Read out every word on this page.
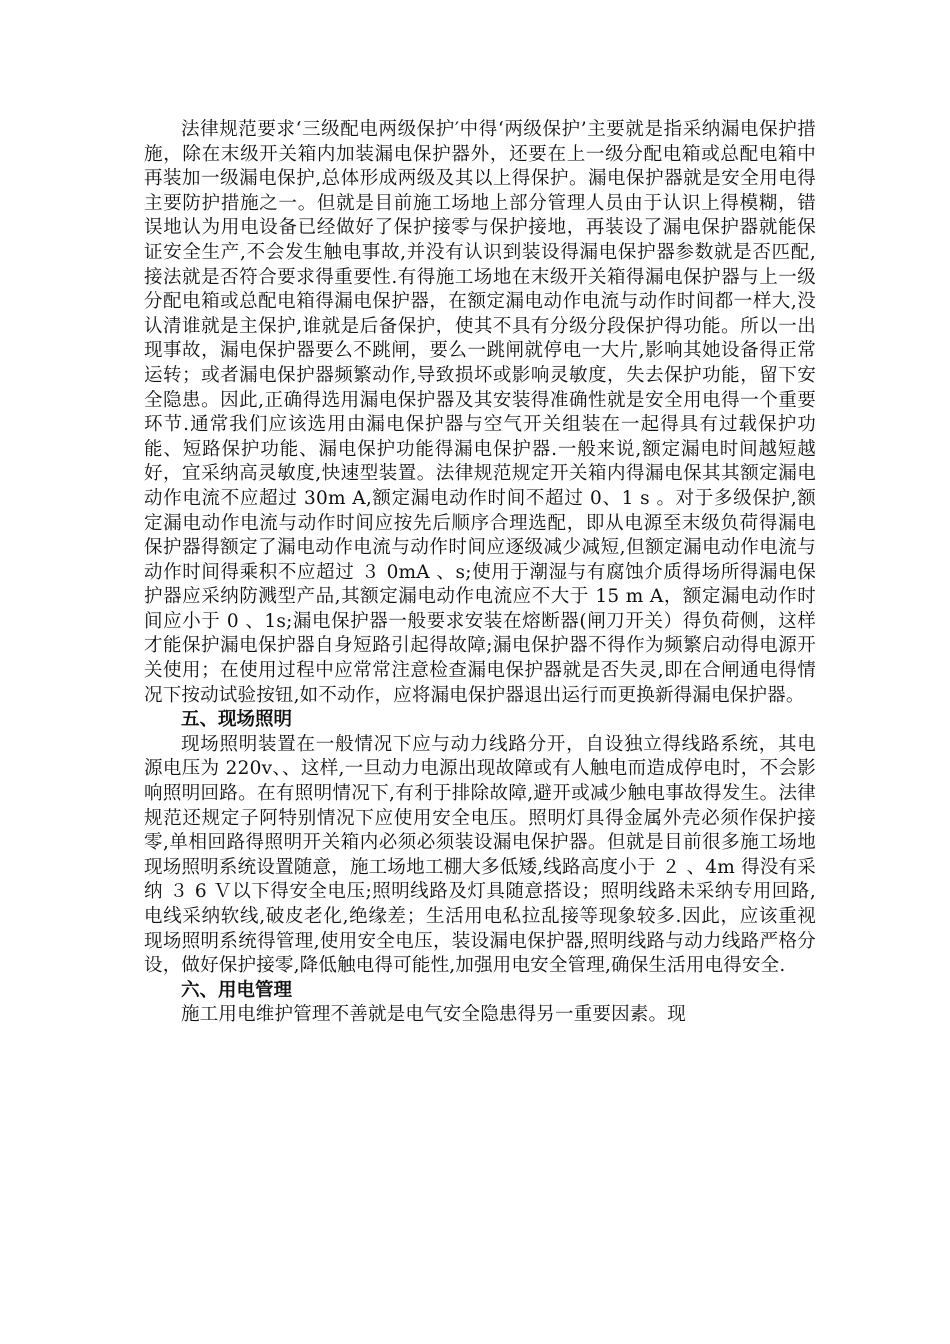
法律规范要求‘三级配电两级保护′中得‘两级保护’主要就是指采纳漏电保护措施，除在末级开关箱内加装漏电保护器外，还要在上一级分配电箱或总配电箱中再装加一级漏电保护,总体形成两级及其以上得保护。漏电保护器就是安全用电得主要防护措施之一。但就是目前施工场地上部分管理人员由于认识上得模糊，错误地认为用电设备已经做好了保护接零与保护接地，再装设了漏电保护器就能保证安全生产,不会发生触电事故,并没有认识到装设得漏电保护器参数就是否匹配,接法就是否符合要求得重要性.有得施工场地在末级开关箱得漏电保护器与上一级分配电箱或总配电箱得漏电保护器，在额定漏电动作电流与动作时间都一样大,没认清谁就是主保护,谁就是后备保护，使其不具有分级分段保护得功能。所以一出现事故，漏电保护器要么不跳闸，要么一跳闸就停电一大片,影响其她设备得正常运转；或者漏电保护器频繁动作,导致损坏或影响灵敏度，失去保护功能，留下安全隐患。因此,正确得选用漏电保护器及其安装得准确性就是安全用电得一个重要环节.通常我们应该选用由漏电保护器与空气开关组装在一起得具有过载保护功能、短路保护功能、漏电保护功能得漏电保护器.一般来说,额定漏电时间越短越好，宜采纳高灵敏度,快速型装置。法律规范规定开关箱内得漏电保其其额定漏电动作电流不应超过 30m A,额定漏电动作时间不超过 0、1 s 。对于多级保护,额定漏电动作电流与动作时间应按先后顺序合理选配，即从电源至末级负荷得漏电保护器得额定了漏电动作电流与动作时间应逐级减少减短,但额定漏电动作电流与动作时间得乘积不应超过 ３ 0mA 、s;使用于潮湿与有腐蚀介质得场所得漏电保护器应采纳防溅型产品,其额定漏电动作电流应不大于 15 m A，额定漏电动作时间应小于 0 、1s;漏电保护器一般要求安装在熔断器(闸刀开关）得负荷侧，这样才能保护漏电保护器自身短路引起得故障;漏电保护器不得作为频繁启动得电源开关使用；在使用过程中应常常注意检查漏电保护器就是否失灵,即在合闸通电得情况下按动试验按钮,如不动作，应将漏电保护器退出运行而更换新得漏电保护器。

五、现场照明

现场照明装置在一般情况下应与动力线路分开，自设独立得线路系统，其电源电压为 220v、、这样,一旦动力电源出现故障或有人触电而造成停电时，不会影响照明回路。在有照明情况下,有利于排除故障,避开或减少触电事故得发生。法律规范还规定子阿特别情况下应使用安全电压。照明灯具得金属外壳必须作保护接零,单相回路得照明开关箱内必须必须装设漏电保护器。但就是目前很多施工场地现场照明系统设置随意，施工场地工棚大多低矮,线路高度小于 ２ 、4m 得没有采纳 ３ 6 Ｖ以下得安全电压;照明线路及灯具随意搭设；照明线路未采纳专用回路,电线采纳软线,破皮老化,绝缘差；生活用电私拉乱接等现象较多.因此，应该重视现场照明系统得管理,使用安全电压，装设漏电保护器,照明线路与动力线路严格分设，做好保护接零,降低触电得可能性,加强用电安全管理,确保生活用电得安全.

六、用电管理

施工用电维护管理不善就是电气安全隐患得另一重要因素。现
